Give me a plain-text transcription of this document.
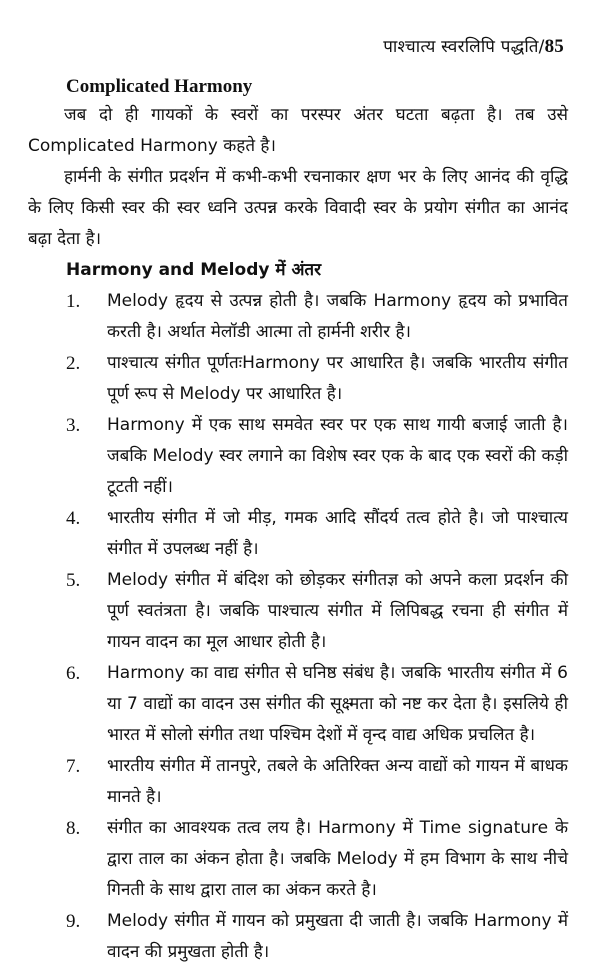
पाश्चात्य स्वरलिपि पद्धति/85
Complicated Harmony

जब दो ही गायकों के स्वरों का परस्पर अंतर घटता बढ़ता है। तब उसे Complicated Harmony कहते है।

हार्मनी के संगीत प्रदर्शन में कभी-कभी रचनाकार क्षण भर के लिए आनंद की वृद्धि के लिए किसी स्वर की स्वर ध्वनि उत्पन्न करके विवादी स्वर के प्रयोग संगीत का आनंद बढ़ा देता है।

Harmony and Melody में अंतर
1. Melody हृदय से उत्पन्न होती है। जबकि Harmony हृदय को प्रभावित करती है। अर्थात मेलॉडी आत्मा तो हार्मनी शरीर है।
2. पाश्चात्य संगीत पूर्णतःHarmony पर आधारित है। जबकि भारतीय संगीत पूर्ण रूप से Melody पर आधारित है।
3. Harmony में एक साथ समवेत स्वर पर एक साथ गायी बजाई जाती है। जबकि Melody स्वर लगाने का विशेष स्वर एक के बाद एक स्वरों की कड़ी टूटती नहीं।
4. भारतीय संगीत में जो मीड़, गमक आदि सौंदर्य तत्व होते है। जो पाश्चात्य संगीत में उपलब्ध नहीं है।
5. Melody संगीत में बंदिश को छोड़कर संगीतज्ञ को अपने कला प्रदर्शन की पूर्ण स्वतंत्रता है। जबकि पाश्चात्य संगीत में लिपिबद्ध रचना ही संगीत में गायन वादन का मूल आधार होती है।
6. Harmony का वाद्य संगीत से घनिष्ठ संबंध है। जबकि भारतीय संगीत में 6 या 7 वाद्यों का वादन उस संगीत की सूक्ष्मता को नष्ट कर देता है। इसलिये ही भारत में सोलो संगीत तथा पश्चिम देशों में वृन्द वाद्य अधिक प्रचलित है।
7. भारतीय संगीत में तानपुरे, तबले के अतिरिक्त अन्य वाद्यों को गायन में बाधक मानते है।
8. संगीत का आवश्यक तत्व लय है। Harmony में Time signature के द्वारा ताल का अंकन होता है। जबकि Melody में हम विभाग के साथ नीचे गिनती के साथ द्वारा ताल का अंकन करते है।
9. Melody संगीत में गायन को प्रमुखता दी जाती है। जबकि Harmony में वादन की प्रमुखता होती है।
